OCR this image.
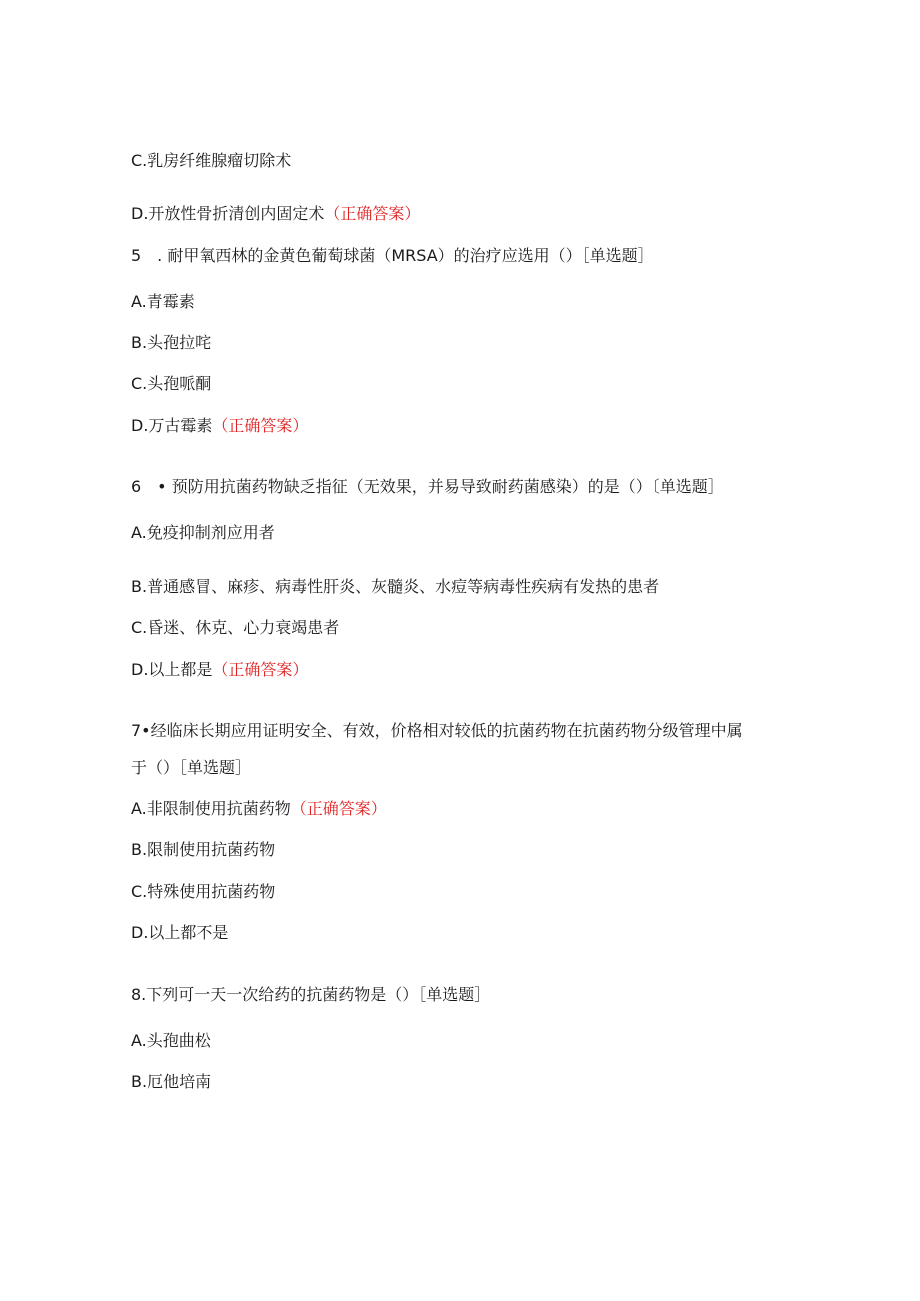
C.乳房纤维腺瘤切除术
D.开放性骨折清创内固定术（正确答案）
5　. 耐甲氧西林的金黄色葡萄球菌（MRSA）的治疗应选用（）［单选题］
A.青霉素
B.头孢拉咤
C.头孢哌酮
D.万古霉素（正确答案）
6　• 预防用抗菌药物缺乏指征（无效果，并易导致耐药菌感染）的是（）〔单选题］
A.免疫抑制剂应用者
B.普通感冒、麻疹、病毒性肝炎、灰髓炎、水痘等病毒性疾病有发热的患者
C.昏迷、休克、心力衰竭患者
D.以上都是（正确答案）
7•经临床长期应用证明安全、有效，价格相对较低的抗菌药物在抗菌药物分级管理中属
于（）［单选题］
A.非限制使用抗菌药物（正确答案）
B.限制使用抗菌药物
C.特殊使用抗菌药物
D.以上都不是
8.下列可一天一次给药的抗菌药物是（）［单选题］
A.头孢曲松
B.厄他培南
